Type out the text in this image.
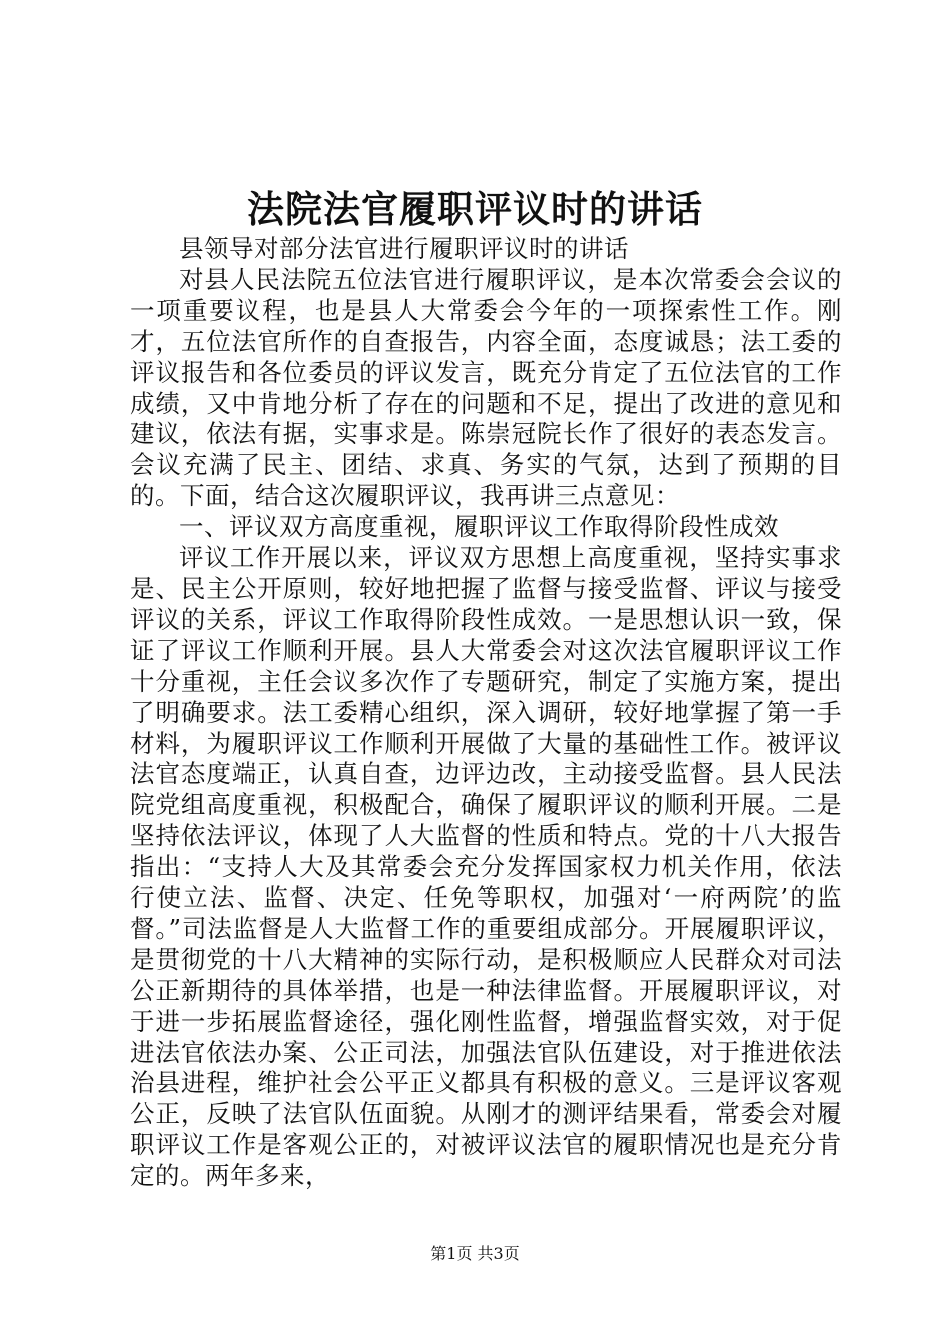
法院法官履职评议时的讲话

县领导对部分法官进行履职评议时的讲话

对县人民法院五位法官进行履职评议，是本次常委会会议的一项重要议程，也是县人大常委会今年的一项探索性工作。刚才，五位法官所作的自查报告，内容全面，态度诚恳；法工委的评议报告和各位委员的评议发言，既充分肯定了五位法官的工作成绩，又中肯地分析了存在的问题和不足，提出了改进的意见和建议，依法有据，实事求是。陈崇冠院长作了很好的表态发言。会议充满了民主、团结、求真、务实的气氛，达到了预期的目的。下面，结合这次履职评议，我再讲三点意见：

一、评议双方高度重视，履职评议工作取得阶段性成效

评议工作开展以来，评议双方思想上高度重视，坚持实事求是、民主公开原则，较好地把握了监督与接受监督、评议与接受评议的关系，评议工作取得阶段性成效。一是思想认识一致，保证了评议工作顺利开展。县人大常委会对这次法官履职评议工作十分重视，主任会议多次作了专题研究，制定了实施方案，提出了明确要求。法工委精心组织，深入调研，较好地掌握了第一手材料，为履职评议工作顺利开展做了大量的基础性工作。被评议法官态度端正，认真自查，边评边改，主动接受监督。县人民法院党组高度重视，积极配合，确保了履职评议的顺利开展。二是坚持依法评议，体现了人大监督的性质和特点。党的十八大报告指出：“支持人大及其常委会充分发挥国家权力机关作用，依法行使立法、监督、决定、任免等职权，加强对‘一府两院’的监督。”司法监督是人大监督工作的重要组成部分。开展履职评议，是贯彻党的十八大精神的实际行动，是积极顺应人民群众对司法公正新期待的具体举措，也是一种法律监督。开展履职评议，对于进一步拓展监督途径，强化刚性监督，增强监督实效，对于促进法官依法办案、公正司法，加强法官队伍建设，对于推进依法治县进程，维护社会公平正义都具有积极的意义。三是评议客观公正，反映了法官队伍面貌。从刚才的测评结果看，常委会对履职评议工作是客观公正的，对被评议法官的履职情况也是充分肯定的。两年多来，

第1页 共3页
